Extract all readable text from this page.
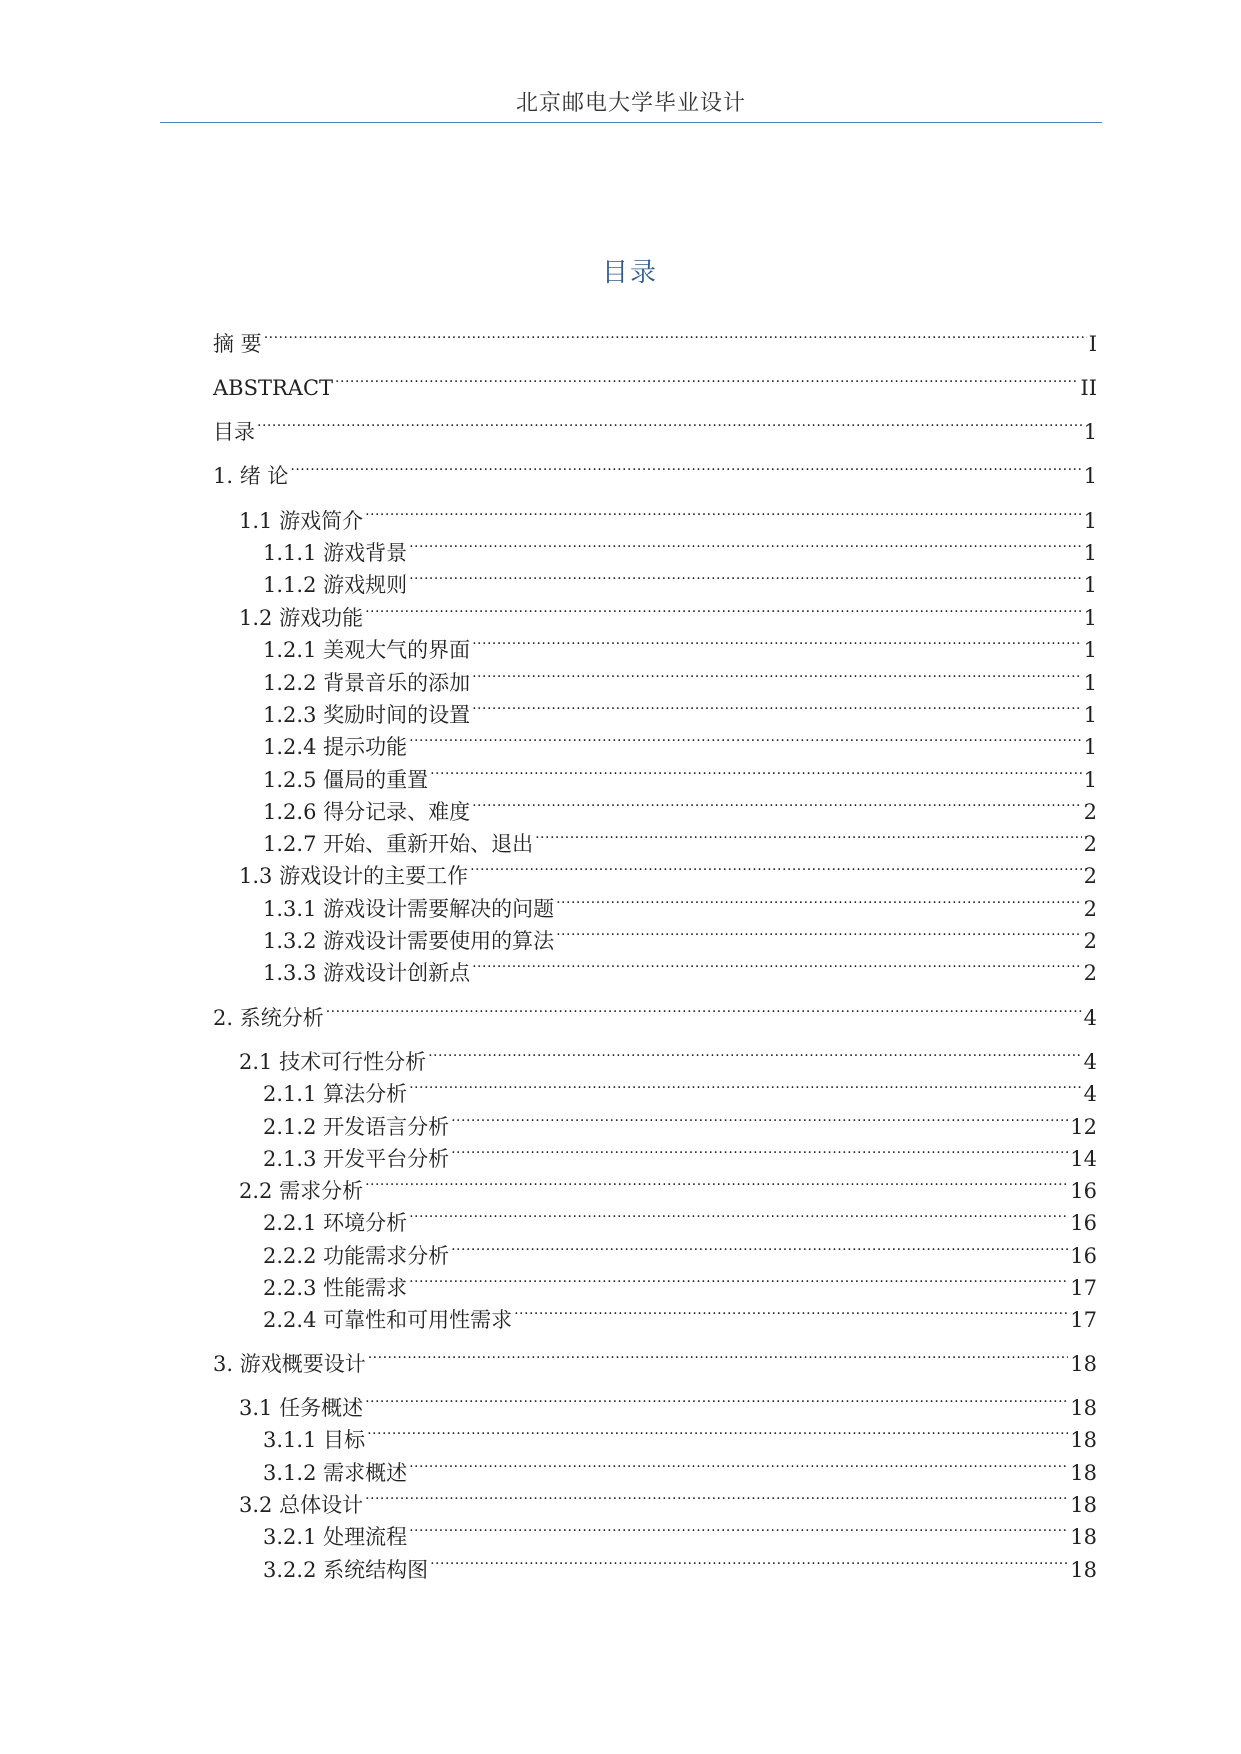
北京邮电大学毕业设计
目录
摘 要 .....	I
ABSTRACT .....	II
目录 .....	1
1. 绪 论 .....	1
1.1 游戏简介 .....	1
1.1.1 游戏背景 .....	1
1.1.2 游戏规则 .....	1
1.2 游戏功能 .....	1
1.2.1 美观大气的界面 .....	1
1.2.2 背景音乐的添加 .....	1
1.2.3 奖励时间的设置 .....	1
1.2.4 提示功能 .....	1
1.2.5 僵局的重置 .....	1
1.2.6 得分记录、难度 .....	2
1.2.7 开始、重新开始、退出 .....	2
1.3 游戏设计的主要工作 .....	2
1.3.1 游戏设计需要解决的问题 .....	2
1.3.2 游戏设计需要使用的算法 .....	2
1.3.3 游戏设计创新点 .....	2
2. 系统分析 .....	4
2.1 技术可行性分析 .....	4
2.1.1 算法分析 .....	4
2.1.2 开发语言分析 .....	12
2.1.3 开发平台分析 .....	14
2.2 需求分析 .....	16
2.2.1 环境分析 .....	16
2.2.2 功能需求分析 .....	16
2.2.3 性能需求 .....	17
2.2.4 可靠性和可用性需求 .....	17
3. 游戏概要设计 .....	18
3.1 任务概述 .....	18
3.1.1 目标 .....	18
3.1.2 需求概述 .....	18
3.2 总体设计 .....	18
3.2.1 处理流程 .....	18
3.2.2 系统结构图 .....	18
